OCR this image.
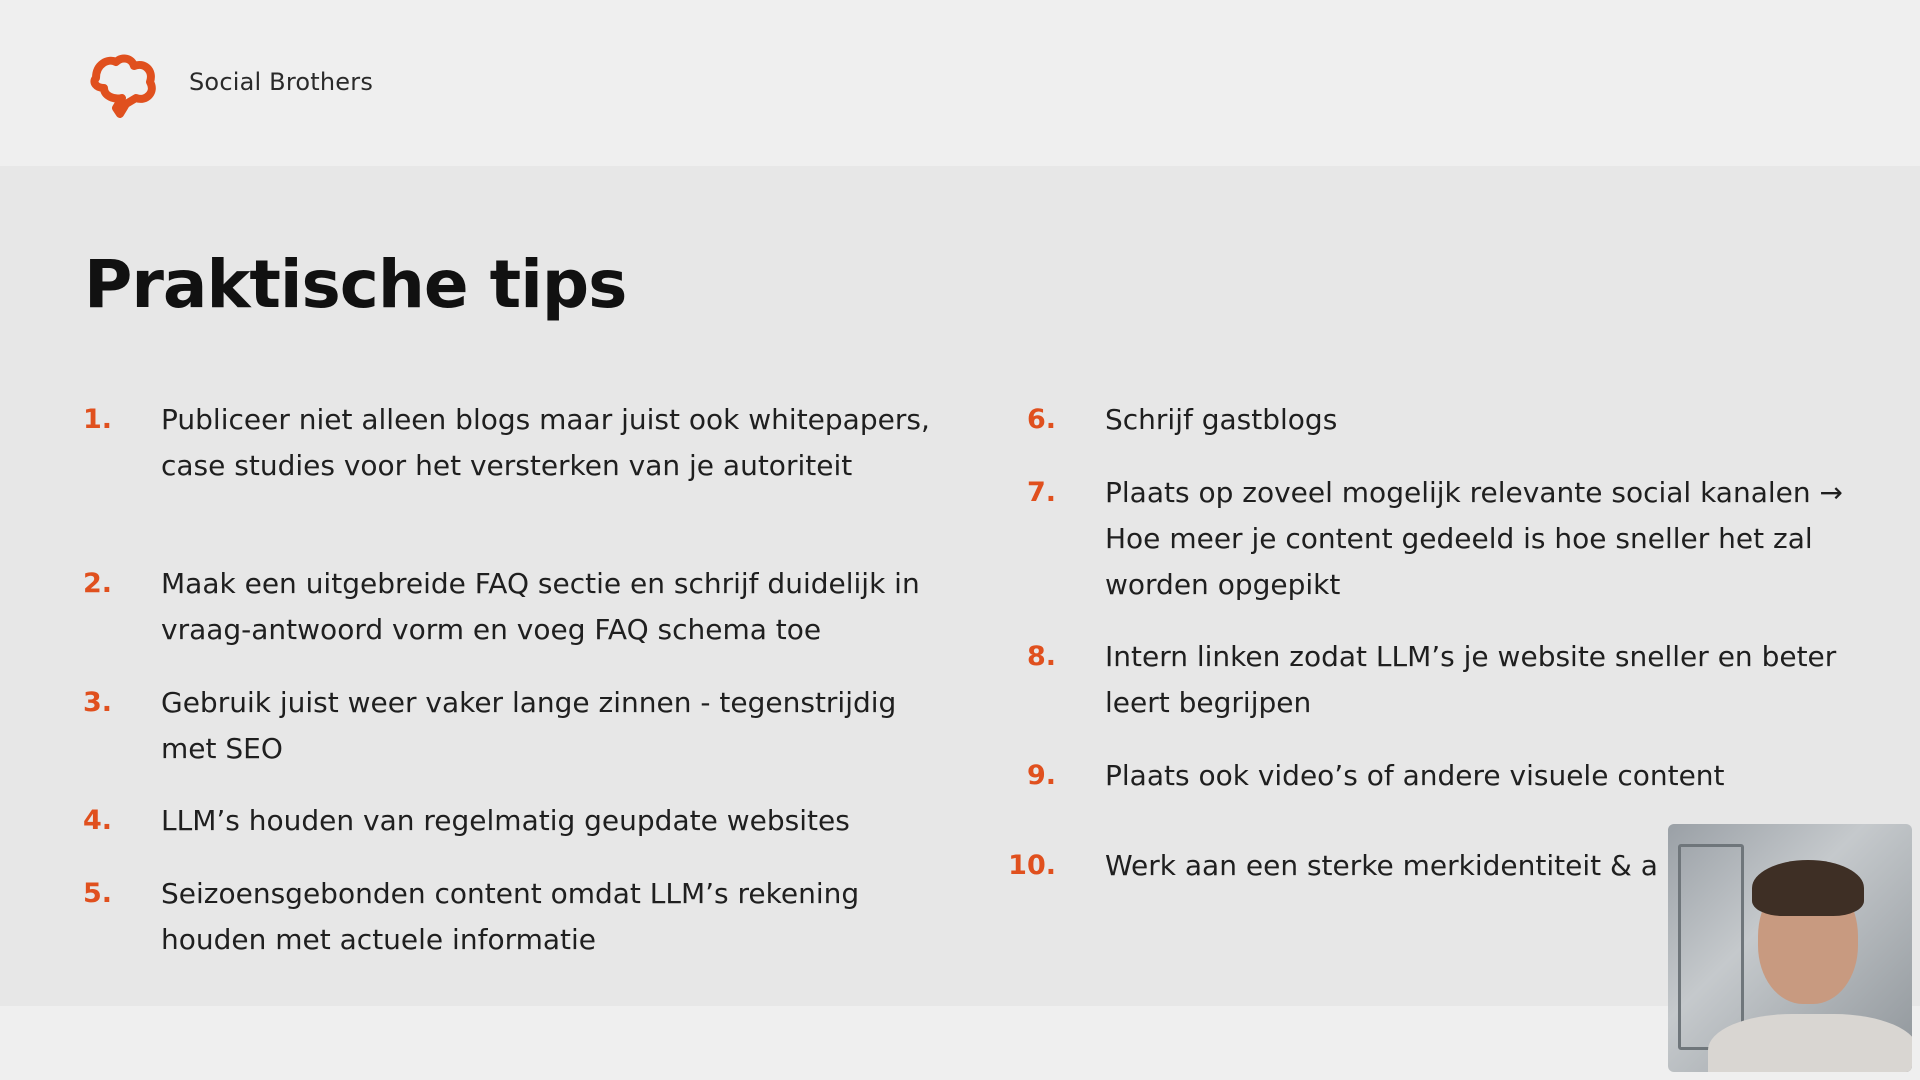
Social Brothers
Praktische tips
1. Publiceer niet alleen blogs maar juist ook whitepapers, case studies voor het versterken van je autoriteit
2. Maak een uitgebreide FAQ sectie en schrijf duidelijk in vraag-antwoord vorm en voeg FAQ schema toe
3. Gebruik juist weer vaker lange zinnen - tegenstrijdig met SEO
4. LLM’s houden van regelmatig geupdate websites
5. Seizoensgebonden content omdat LLM’s rekening houden met actuele informatie
6. Schrijf gastblogs
7. Plaats op zoveel mogelijk relevante social kanalen → Hoe meer je content gedeeld is hoe sneller het zal worden opgepikt
8. Intern linken zodat LLM’s je website sneller en beter leert begrijpen
9. Plaats ook video’s of andere visuele content
10. Werk aan een sterke merkidentiteit & a
